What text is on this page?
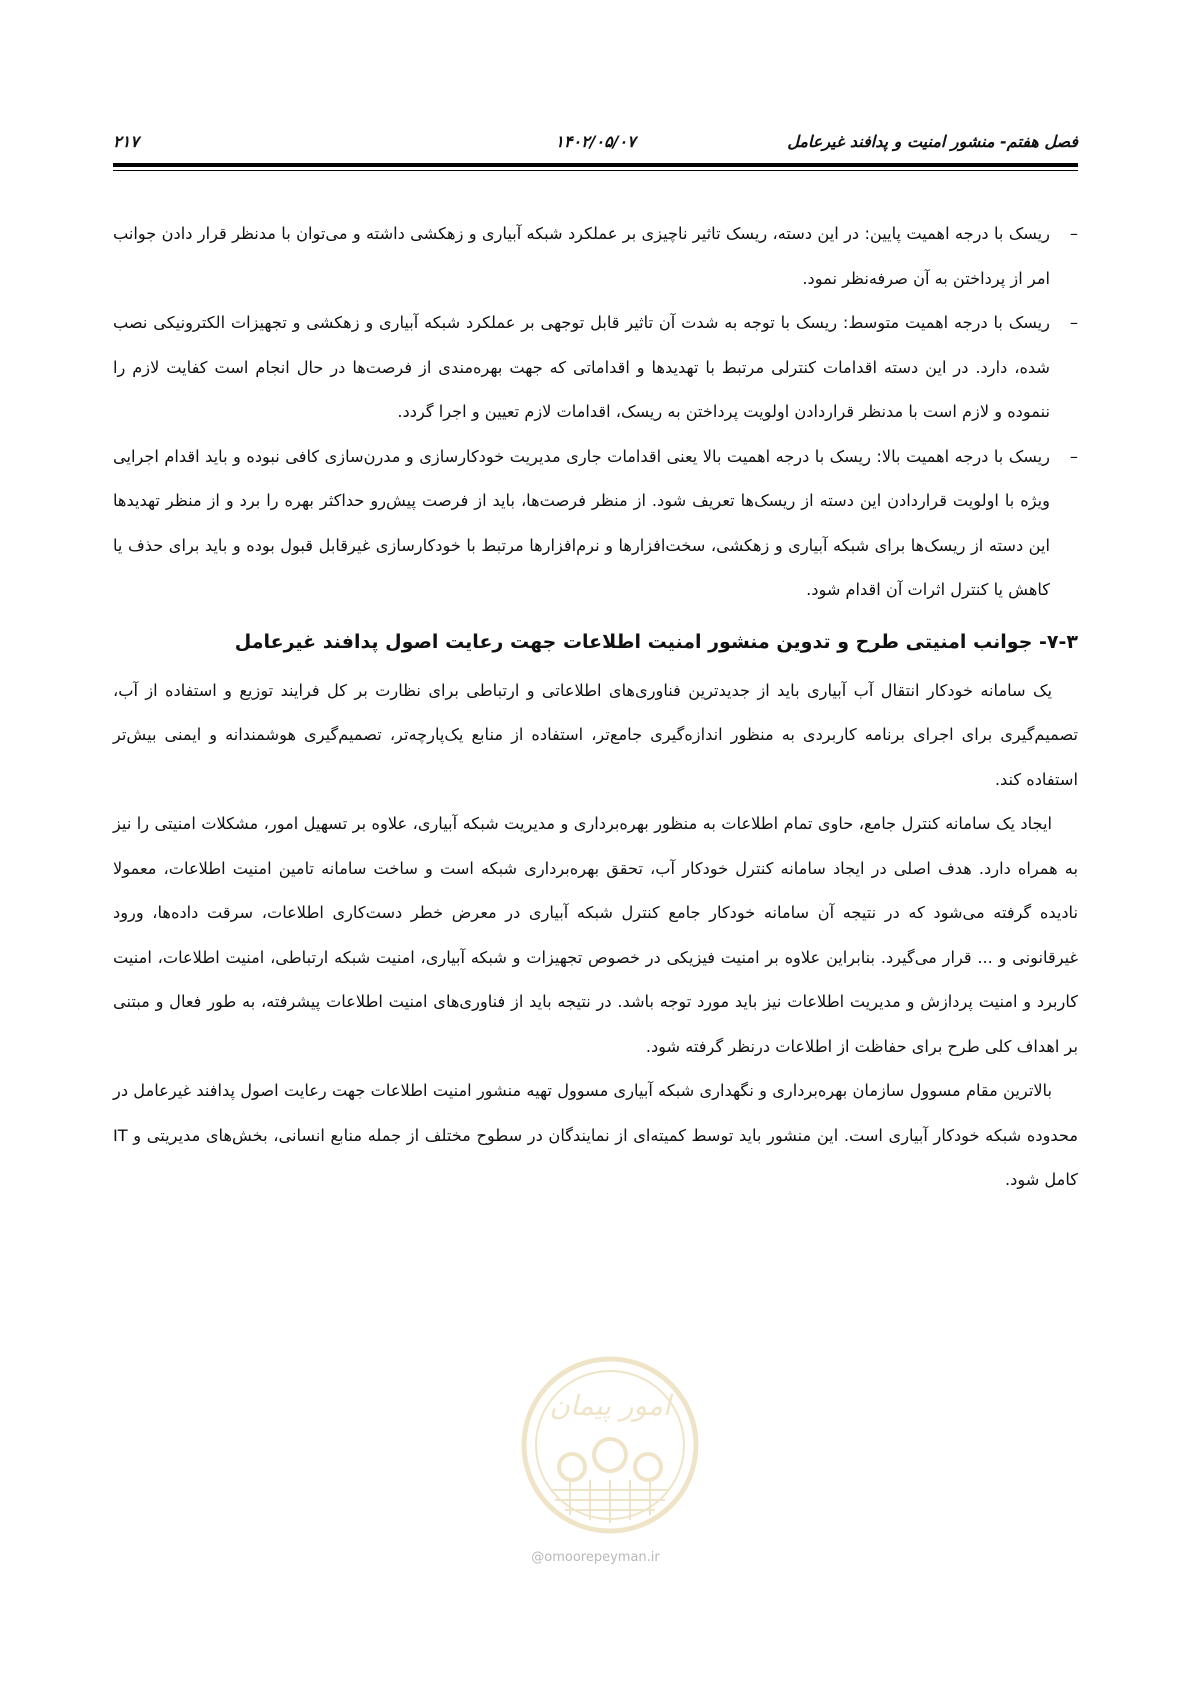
فصل هفتم- منشور امنیت و پدافند غیرعامل
۱۴۰۲/۰۵/۰۷
۲۱۷
–
ریسک با درجه اهمیت پایین: در این دسته، ریسک تاثیر ناچیزی بر عملکرد شبکه آبیاری و زهکشی داشته و می‌توان با مدنظر قرار دادن جوانب امر از پرداختن به آن صرفه‌نظر نمود.
–
ریسک با درجه اهمیت متوسط: ریسک با توجه به شدت آن تاثیر قابل توجهی بر عملکرد شبکه آبیاری و زهکشی و تجهیزات الکترونیکی نصب شده، دارد. در این دسته اقدامات کنترلی مرتبط با تهدیدها و اقداماتی که جهت بهره‌مندی از فرصت‌ها در حال انجام است کفایت لازم را ننموده و لازم است با مدنظر قراردادن اولویت پرداختن به ریسک، اقدامات لازم تعیین و اجرا گردد.
–
ریسک با درجه اهمیت بالا: ریسک با درجه اهمیت بالا یعنی اقدامات جاری مدیریت خودکارسازی و مدرن‌سازی کافی نبوده و باید اقدام اجرایی ویژه با اولویت قراردادن این دسته از ریسک‌ها تعریف شود. از منظر فرصت‌ها، باید از فرصت پیش‌رو حداکثر بهره را برد و از منظر تهدیدها این دسته از ریسک‌ها برای شبکه آبیاری و زهکشی، سخت‌افزارها و نرم‌افزارها مرتبط با خودکارسازی غیرقابل قبول بوده و باید برای حذف یا کاهش یا کنترل اثرات آن اقدام شود.
۷-۳- جوانب امنیتی طرح و تدوین منشور امنیت اطلاعات جهت رعایت اصول پدافند غیرعامل

یک سامانه خودکار انتقال آب آبیاری باید از جدیدترین فناوری‌های اطلاعاتی و ارتباطی برای نظارت بر کل فرایند توزیع و استفاده از آب، تصمیم‌گیری برای اجرای برنامه کاربردی به منظور اندازه‌گیری جامع‌تر، استفاده از منابع یک‌پارچه‌تر، تصمیم‌گیری هوشمندانه و ایمنی بیش‌تر استفاده کند.

ایجاد یک سامانه کنترل جامع، حاوی تمام اطلاعات به منظور بهره‌برداری و مدیریت شبکه آبیاری، علاوه بر تسهیل امور، مشکلات امنیتی را نیز به همراه دارد. هدف اصلی در ایجاد سامانه کنترل خودکار آب، تحقق بهره‌برداری شبکه است و ساخت سامانه تامین امنیت اطلاعات، معمولا نادیده گرفته می‌شود که در نتیجه آن سامانه خودکار جامع کنترل شبکه آبیاری در معرض خطر دست‌کاری اطلاعات، سرقت داده‌ها، ورود غیرقانونی و ... قرار می‌گیرد. بنابراین علاوه بر امنیت فیزیکی در خصوص تجهیزات و شبکه آبیاری، امنیت شبکه ارتباطی، امنیت اطلاعات، امنیت کاربرد و امنیت پردازش و مدیریت اطلاعات نیز باید مورد توجه باشد. در نتیجه باید از فناوری‌های امنیت اطلاعات پیشرفته، به طور فعال و مبتنی بر اهداف کلی طرح برای حفاظت از اطلاعات درنظر گرفته شود.

بالاترین مقام مسوول سازمان بهره‌برداری و نگهداری شبکه آبیاری مسوول تهیه منشور امنیت اطلاعات جهت رعایت اصول پدافند غیرعامل در محدوده شبکه خودکار آبیاری است. این منشور باید توسط کمیته‌ای از نمایندگان در سطوح مختلف از جمله منابع انسانی، بخش‌های مدیریتی و IT کامل شود.

امور پیمان
@omoorepeyman.ir
